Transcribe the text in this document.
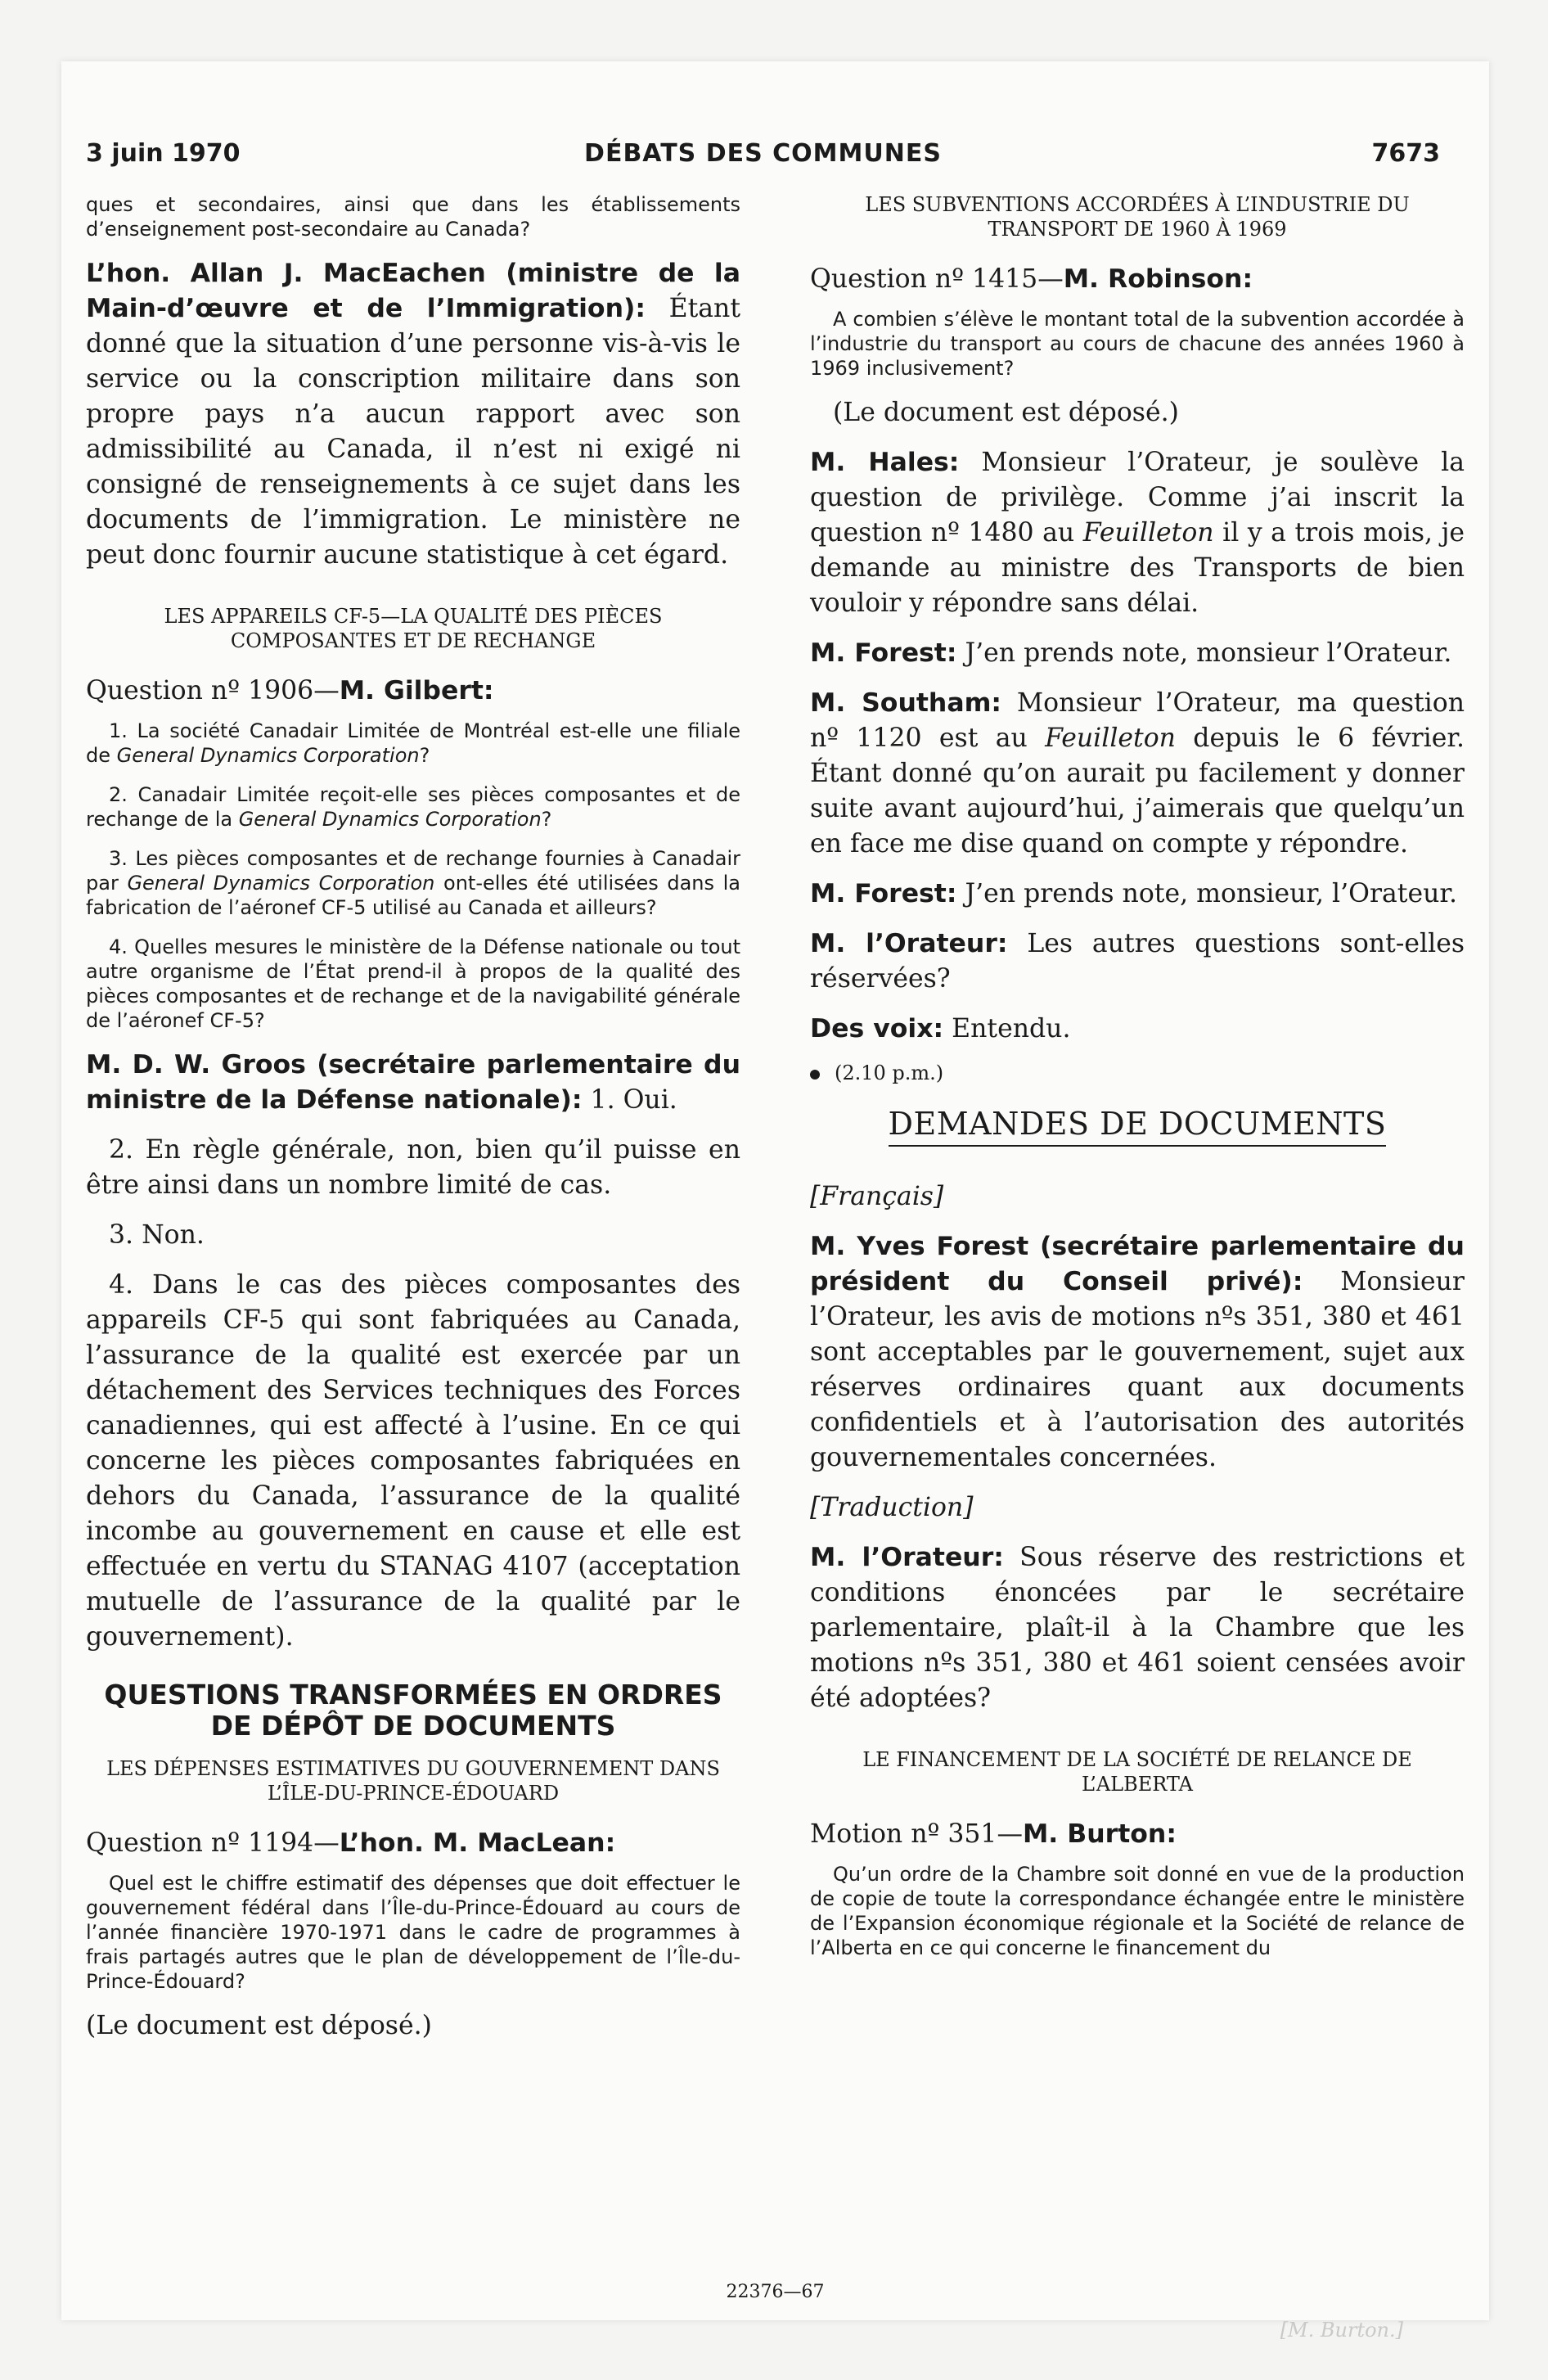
3 juin 1970	DÉBATS DES COMMUNES	7673

ques et secondaires, ainsi que dans les établissements d’enseignement post-secondaire au Canada?

L’hon. Allan J. MacEachen (ministre de la Main-d’œuvre et de l’Immigration): Étant donné que la situation d’une personne vis-à-vis le service ou la conscription militaire dans son propre pays n’a aucun rapport avec son admissibilité au Canada, il n’est ni exigé ni consigné de renseignements à ce sujet dans les documents de l’immigration. Le ministère ne peut donc fournir aucune statistique à cet égard.

LES APPAREILS CF-5—LA QUALITÉ DES PIÈCES COMPOSANTES ET DE RECHANGE
Question nº 1906—M. Gilbert:

1. La société Canadair Limitée de Montréal est-elle une filiale de General Dynamics Corporation?

2. Canadair Limitée reçoit-elle ses pièces composantes et de rechange de la General Dynamics Corporation?

3. Les pièces composantes et de rechange fournies à Canadair par General Dynamics Corporation ont-elles été utilisées dans la fabrication de l’aéronef CF-5 utilisé au Canada et ailleurs?

4. Quelles mesures le ministère de la Défense nationale ou tout autre organisme de l’État prend-il à propos de la qualité des pièces composantes et de rechange et de la navigabilité générale de l’aéronef CF-5?

M. D. W. Groos (secrétaire parlementaire du ministre de la Défense nationale): 1. Oui.

2. En règle générale, non, bien qu’il puisse en être ainsi dans un nombre limité de cas.

3. Non.

4. Dans le cas des pièces composantes des appareils CF-5 qui sont fabriquées au Canada, l’assurance de la qualité est exercée par un détachement des Services techniques des Forces canadiennes, qui est affecté à l’usine. En ce qui concerne les pièces composantes fabriquées en dehors du Canada, l’assurance de la qualité incombe au gouvernement en cause et elle est effectuée en vertu du STANAG 4107 (acceptation mutuelle de l’assurance de la qualité par le gouvernement).

QUESTIONS TRANSFORMÉES EN ORDRES DE DÉPÔT DE DOCUMENTS
LES DÉPENSES ESTIMATIVES DU GOUVERNEMENT DANS L’ÎLE-DU-PRINCE-ÉDOUARD
Question nº 1194—L’hon. M. MacLean:

Quel est le chiffre estimatif des dépenses que doit effectuer le gouvernement fédéral dans l’Île-du-Prince-Édouard au cours de l’année financière 1970-1971 dans le cadre de programmes à frais partagés autres que le plan de développement de l’Île-du-Prince-Édouard?

(Le document est déposé.)

LES SUBVENTIONS ACCORDÉES À L’INDUSTRIE DU TRANSPORT DE 1960 À 1969
Question nº 1415—M. Robinson:

A combien s’élève le montant total de la subvention accordée à l’industrie du transport au cours de chacune des années 1960 à 1969 inclusivement?

(Le document est déposé.)

M. Hales: Monsieur l’Orateur, je soulève la question de privilège. Comme j’ai inscrit la question nº 1480 au Feuilleton il y a trois mois, je demande au ministre des Transports de bien vouloir y répondre sans délai.

M. Forest: J’en prends note, monsieur l’Orateur.

M. Southam: Monsieur l’Orateur, ma question nº 1120 est au Feuilleton depuis le 6 février. Étant donné qu’on aurait pu facilement y donner suite avant aujourd’hui, j’aimerais que quelqu’un en face me dise quand on compte y répondre.

M. Forest: J’en prends note, monsieur, l’Orateur.

M. l’Orateur: Les autres questions sont-elles réservées?

Des voix: Entendu.

(2.10 p.m.)
DEMANDES DE DOCUMENTS

[Français]

M. Yves Forest (secrétaire parlementaire du président du Conseil privé): Monsieur l’Orateur, les avis de motions nºs 351, 380 et 461 sont acceptables par le gouvernement, sujet aux réserves ordinaires quant aux documents confidentiels et à l’autorisation des autorités gouvernementales concernées.

[Traduction]

M. l’Orateur: Sous réserve des restrictions et conditions énoncées par le secrétaire parlementaire, plaît-il à la Chambre que les motions nºs 351, 380 et 461 soient censées avoir été adoptées?

LE FINANCEMENT DE LA SOCIÉTÉ DE RELANCE DE L’ALBERTA
Motion nº 351—M. Burton:

Qu’un ordre de la Chambre soit donné en vue de la production de copie de toute la correspondance échangée entre le ministère de l’Expansion économique régionale et la Société de relance de l’Alberta en ce qui concerne le financement du

22376—67
[M. Burton.]
